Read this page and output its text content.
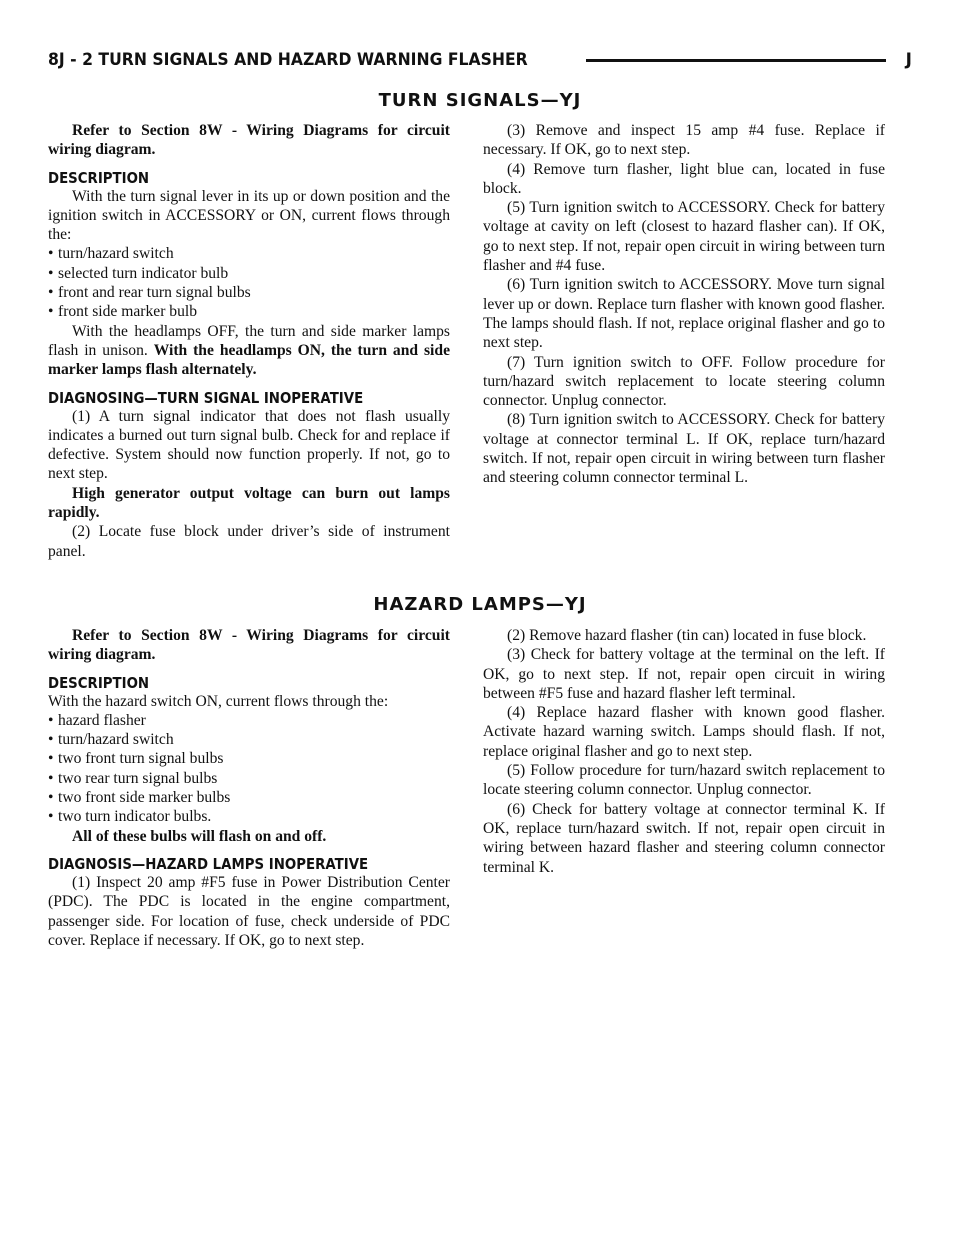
8J - 2 TURN SIGNALS AND HAZARD WARNING FLASHER	J
TURN SIGNALS—YJ

Refer to Section 8W - Wiring Diagrams for circuit wiring diagram.

DESCRIPTION

With the turn signal lever in its up or down position and the ignition switch in ACCESSORY or ON, current flows through the:

• turn/hazard switch
• selected turn indicator bulb
• front and rear turn signal bulbs
• front side marker bulb

With the headlamps OFF, the turn and side marker lamps flash in unison. With the headlamps ON, the turn and side marker lamps flash alternately.

DIAGNOSING—TURN SIGNAL INOPERATIVE

(1) A turn signal indicator that does not flash usually indicates a burned out turn signal bulb. Check for and replace if defective. System should now function properly. If not, go to next step.

High generator output voltage can burn out lamps rapidly.

(2) Locate fuse block under driver’s side of instrument panel.

(3) Remove and inspect 15 amp #4 fuse. Replace if necessary. If OK, go to next step.

(4) Remove turn flasher, light blue can, located in fuse block.

(5) Turn ignition switch to ACCESSORY. Check for battery voltage at cavity on left (closest to hazard flasher can). If OK, go to next step. If not, repair open circuit in wiring between turn flasher and #4 fuse.

(6) Turn ignition switch to ACCESSORY. Move turn signal lever up or down. Replace turn flasher with known good flasher. The lamps should flash. If not, replace original flasher and go to next step.

(7) Turn ignition switch to OFF. Follow procedure for turn/hazard switch replacement to locate steering column connector. Unplug connector.

(8) Turn ignition switch to ACCESSORY. Check for battery voltage at connector terminal L. If OK, replace turn/hazard switch. If not, repair open circuit in wiring between turn flasher and steering column connector terminal L.

HAZARD LAMPS—YJ

Refer to Section 8W - Wiring Diagrams for circuit wiring diagram.

DESCRIPTION

With the hazard switch ON, current flows through the:

• hazard flasher
• turn/hazard switch
• two front turn signal bulbs
• two rear turn signal bulbs
• two front side marker bulbs
• two turn indicator bulbs.

All of these bulbs will flash on and off.

DIAGNOSIS—HAZARD LAMPS INOPERATIVE

(1) Inspect 20 amp #F5 fuse in Power Distribution Center (PDC). The PDC is located in the engine compartment, passenger side. For location of fuse, check underside of PDC cover. Replace if necessary. If OK, go to next step.

(2) Remove hazard flasher (tin can) located in fuse block.

(3) Check for battery voltage at the terminal on the left. If OK, go to next step. If not, repair open circuit in wiring between #F5 fuse and hazard flasher left terminal.

(4) Replace hazard flasher with known good flasher. Activate hazard warning switch. Lamps should flash. If not, replace original flasher and go to next step.

(5) Follow procedure for turn/hazard switch replacement to locate steering column connector. Unplug connector.

(6) Check for battery voltage at connector terminal K. If OK, replace turn/hazard switch. If not, repair open circuit in wiring between hazard flasher and steering column connector terminal K.
